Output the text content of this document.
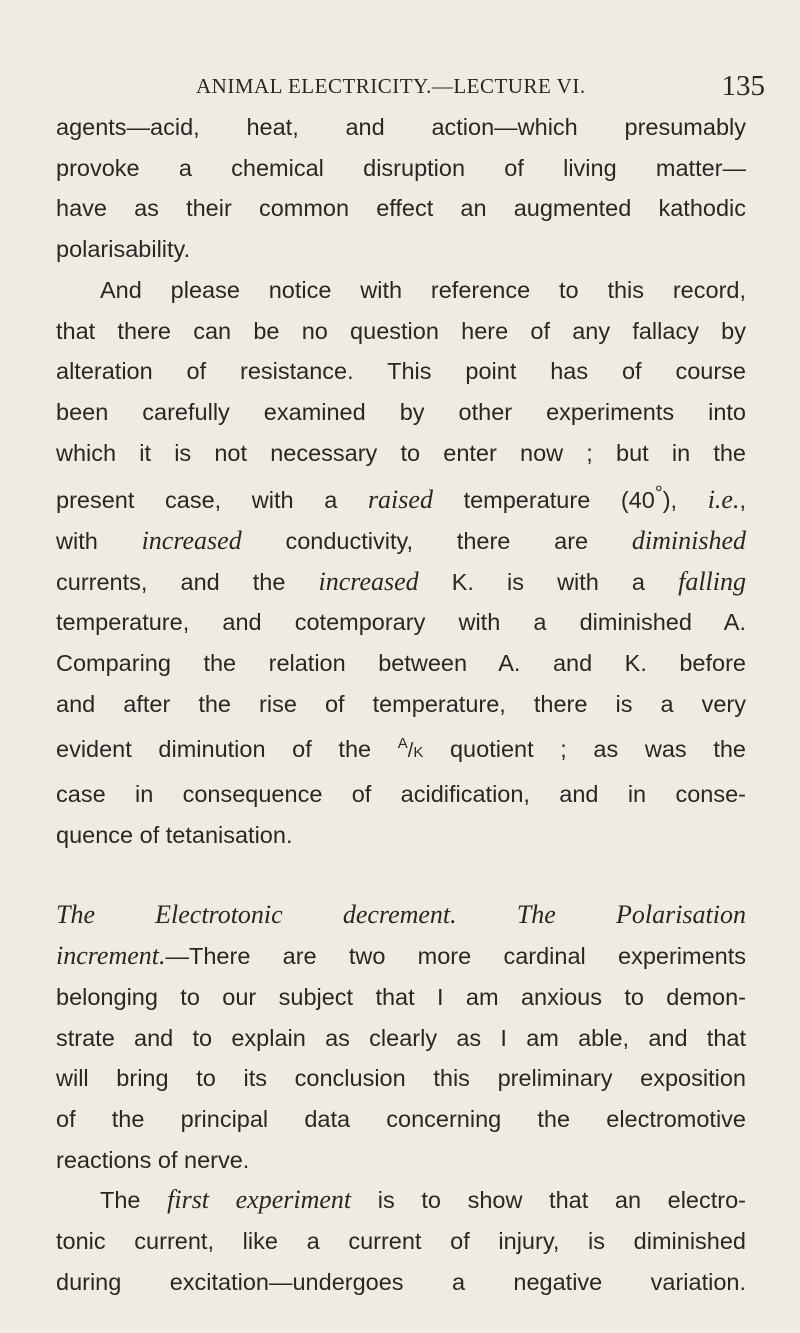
ANIMAL ELECTRICITY.—LECTURE VI.	135
agents—acid, heat, and action—which presumably
provoke a chemical disruption of living matter—
have as their common effect an augmented kathodic
polarisability.
And please notice with reference to this record,
that there can be no question here of any fallacy by
alteration of resistance. This point has of course
been carefully examined by other experiments into
which it is not necessary to enter now ; but in the
present case, with a raised temperature (40°), i.e.,
with increased conductivity, there are diminished
currents, and the increased K. is with a falling
temperature, and cotemporary with a diminished A.
Comparing the relation between A. and K. before
and after the rise of temperature, there is a very
evident diminution of the $^A$/K quotient ; as was the
case in consequence of acidification, and in conse-
quence of tetanisation.
The Electrotonic decrement. The Polarisation
increment.—There are two more cardinal experiments
belonging to our subject that I am anxious to demon-
strate and to explain as clearly as I am able, and that
will bring to its conclusion this preliminary exposition
of the principal data concerning the electromotive
reactions of nerve.
The first experiment is to show that an electro-
tonic current, like a current of injury, is diminished
during excitation—undergoes a negative variation.
